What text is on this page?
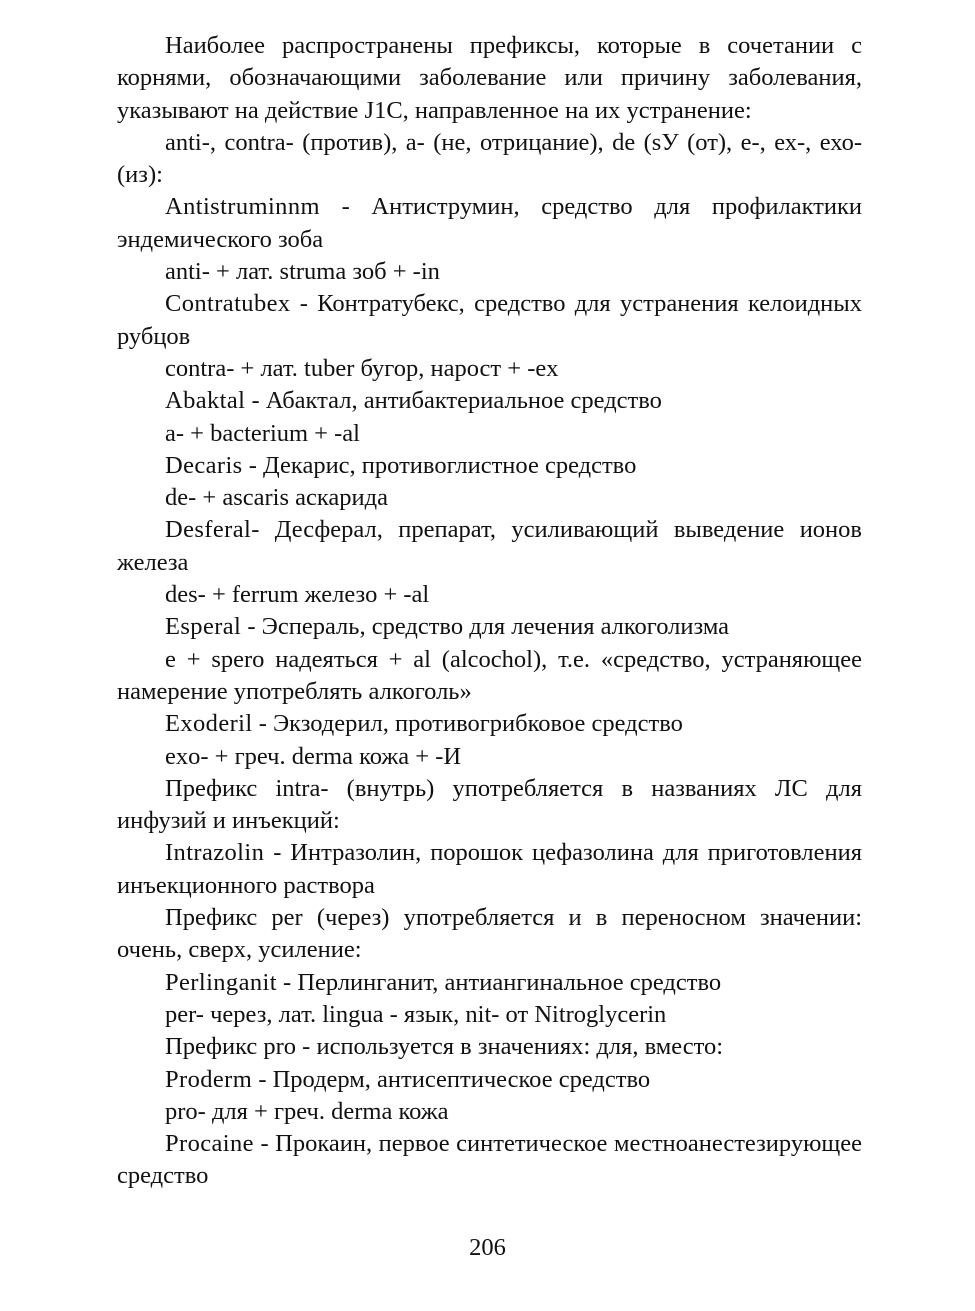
Наиболее распространены префиксы, которые в сочетании с корнями, обозначающими заболевание или причину заболевания, указывают на действие J1С, направленное на их устранение:

anti-, contra- (против), а- (не, отрицание), de (sУ (от), е-, ех-, ехо-(из):

Antistruminnm - Антиструмин, средство для профилактики эндемического зоба

anti- + лат. struma зоб + -in

Contratubex - Контратубекс, средство для устранения келоидных рубцов

contra- + лат. tuber бугор, нарост + -ex

Abaktal - Абактал, антибактериальное средство

a- + bacterium + -al

Decaris - Декарис, противоглистное средство

de- + ascaris аскарида

Desferal- Десферал, препарат, усиливающий выведение ионов железа

des- + ferrum железо + -al

Esperal - Эспераль, средство для лечения алкоголизма

е + spero надеяться + al (alcochol), т.е. «средство, устраняющее намерение употреблять алкоголь»

Exoderil - Экзодерил, противогрибковое средство

exo- + греч. derma кожа + -И

Префикс intra- (внутрь) употребляется в названиях ЛС для инфузий и инъекций:

Intrazolin - Интразолин, порошок цефазолина для приготовления инъекционного раствора

Префикс per (через) употребляется и в переносном значении: очень, сверх, усиление:

Perlinganit - Перлинганит, антиангинальное средство

per- через, лат. lingua - язык, nit- от Nitroglycerin

Префикс pro - используется в значениях: для, вместо:

Proderm - Продерм, антисептическое средство

pro- для + греч. derma кожа

Procaine - Прокаин, первое синтетическое местноанестезирующее средство

206
